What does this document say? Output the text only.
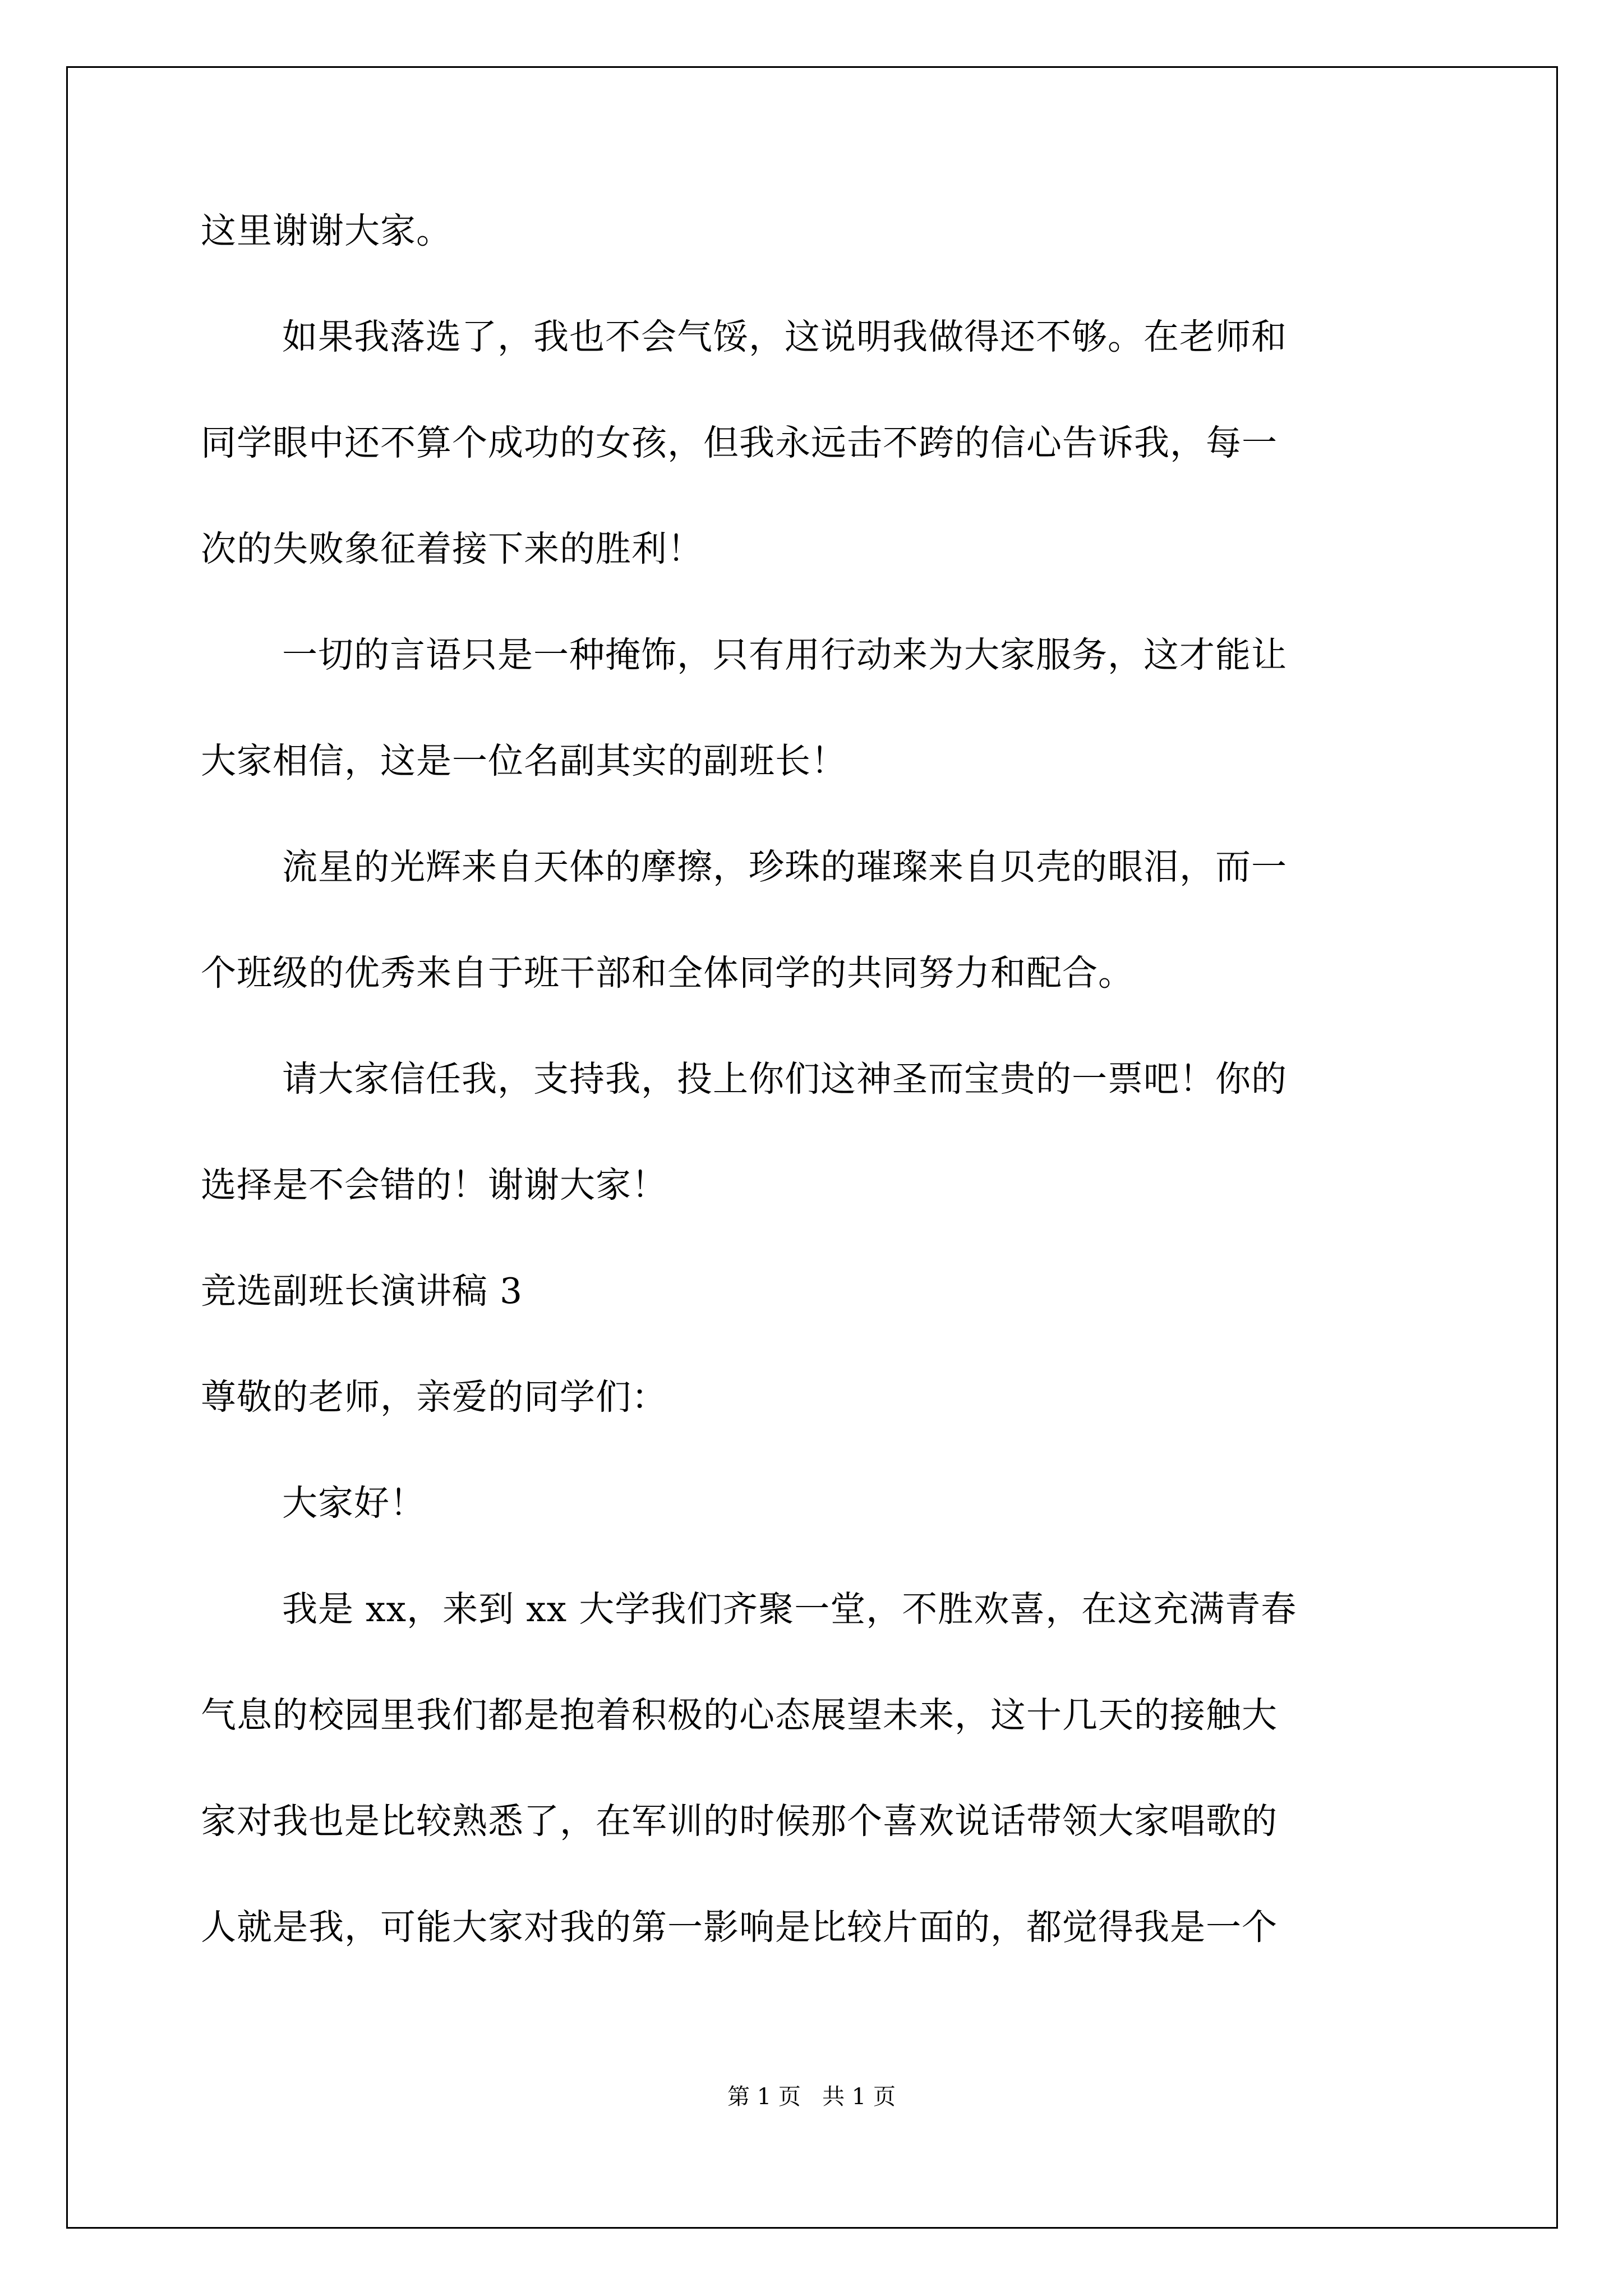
这里谢谢大家。

如果我落选了，我也不会气馁，这说明我做得还不够。在老师和

同学眼中还不算个成功的女孩，但我永远击不跨的信心告诉我，每一

次的失败象征着接下来的胜利！

一切的言语只是一种掩饰，只有用行动来为大家服务，这才能让

大家相信，这是一位名副其实的副班长！

流星的光辉来自天体的摩擦，珍珠的璀璨来自贝壳的眼泪，而一

个班级的优秀来自于班干部和全体同学的共同努力和配合。

请大家信任我，支持我，投上你们这神圣而宝贵的一票吧！你的

选择是不会错的！谢谢大家！

竞选副班长演讲稿 3

尊敬的老师，亲爱的同学们：

大家好！

我是 xx，来到 xx 大学我们齐聚一堂，不胜欢喜，在这充满青春

气息的校园里我们都是抱着积极的心态展望未来，这十几天的接触大

家对我也是比较熟悉了，在军训的时候那个喜欢说话带领大家唱歌的

人就是我，可能大家对我的第一影响是比较片面的，都觉得我是一个

第 1 页   共 1 页
